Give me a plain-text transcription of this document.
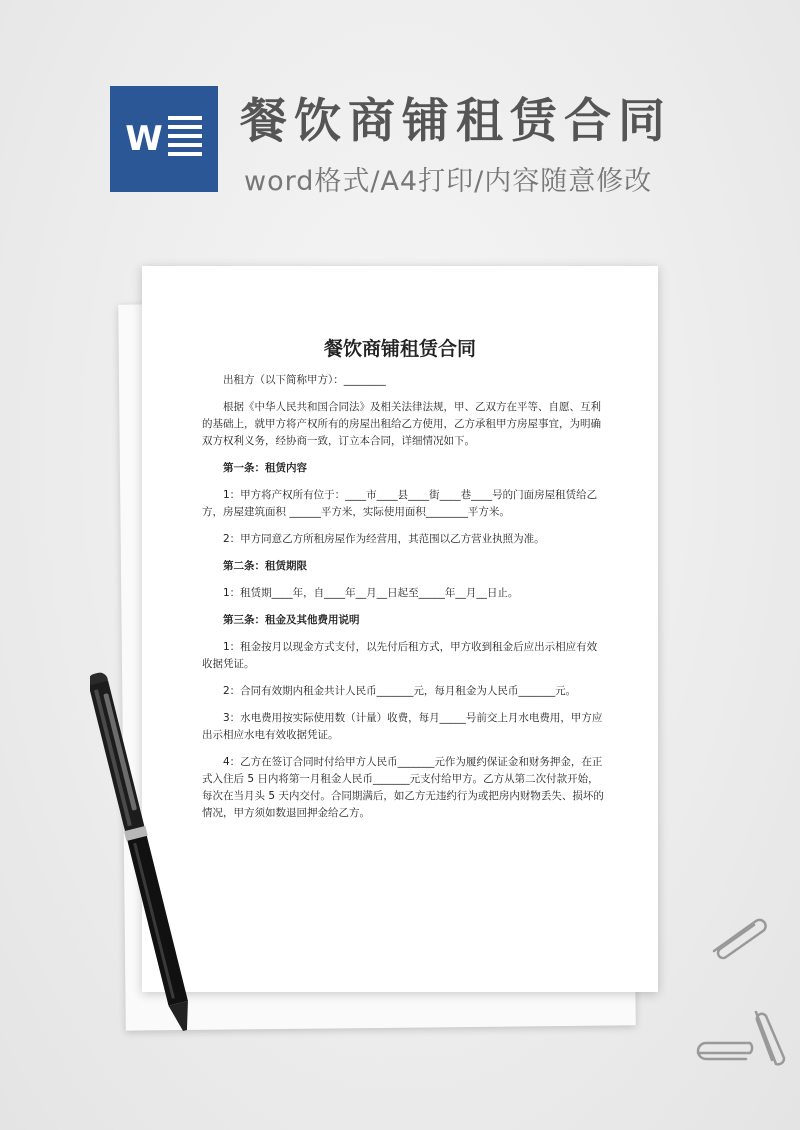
W 餐饮商铺租赁合同
word格式/A4打印/内容随意修改
餐饮商铺租赁合同

出租方（以下简称甲方）：________

根据《中华人民共和国合同法》及相关法律法规，甲、乙双方在平等、自愿、互利的基础上，就甲方将产权所有的房屋出租给乙方使用，乙方承租甲方房屋事宜，为明确双方权利义务，经协商一致，订立本合同，详细情况如下。

第一条：租赁内容

1：甲方将产权所有位于：____市____县____街____巷____号的门面房屋租赁给乙方，房屋建筑面积 ______平方米，实际使用面积________平方米。

2：甲方同意乙方所租房屋作为经营用，其范围以乙方营业执照为准。

第二条：租赁期限

1：租赁期____年，自____年__月__日起至_____年__月__日止。

第三条：租金及其他费用说明

1：租金按月以现金方式支付，以先付后租方式，甲方收到租金后应出示相应有效收据凭证。

2：合同有效期内租金共计人民币_______元，每月租金为人民币_______元。

3：水电费用按实际使用数（计量）收费，每月_____号前交上月水电费用，甲方应出示相应水电有效收据凭证。

4：乙方在签订合同时付给甲方人民币_______元作为履约保证金和财务押金，在正式入住后 5 日内将第一月租金人民币_______元支付给甲方。乙方从第二次付款开始，每次在当月头 5 天内交付。合同期满后，如乙方无违约行为或把房内财物丢失、损坏的情况，甲方须如数退回押金给乙方。
